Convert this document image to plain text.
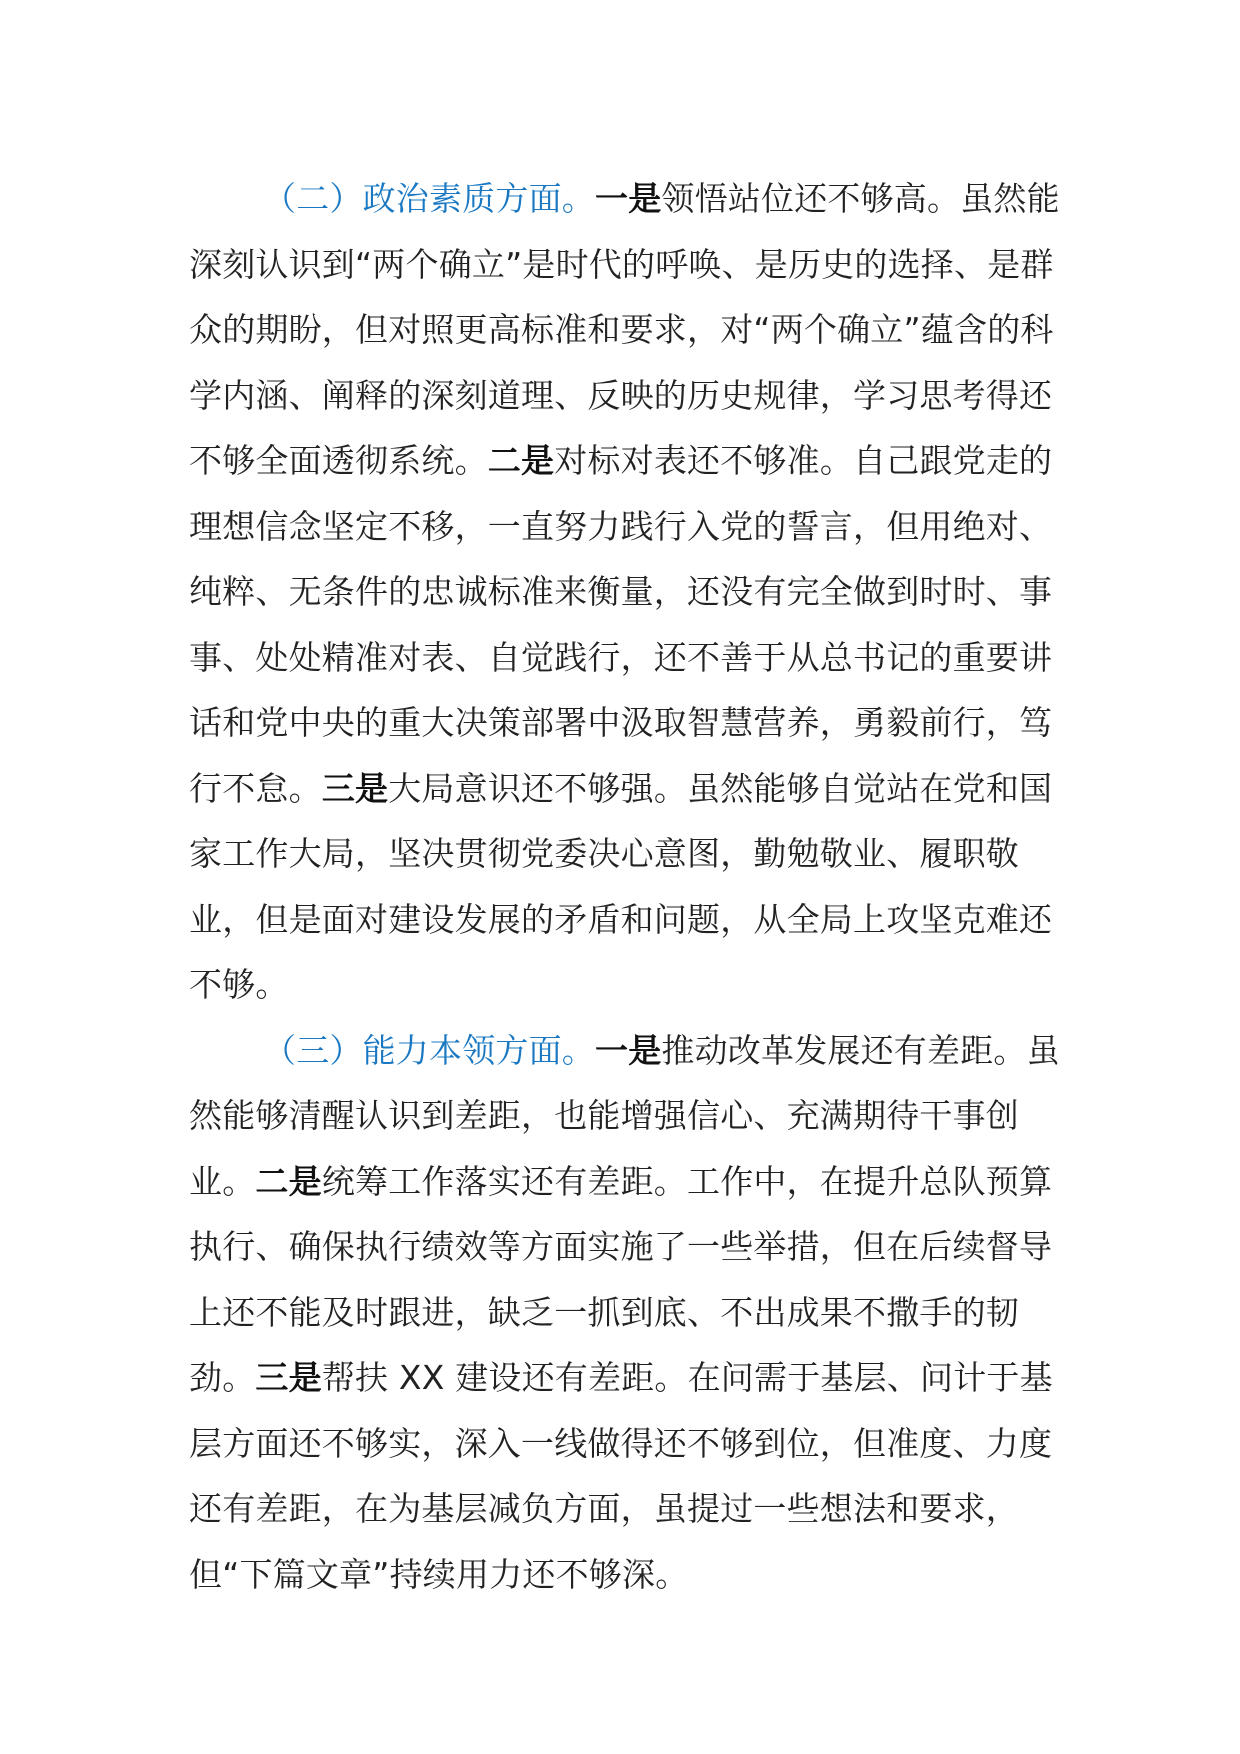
（二）政治素质方面。一是领悟站位还不够高。虽然能深刻认识到“两个确立”是时代的呼唤、是历史的选择、是群众的期盼，但对照更高标准和要求，对“两个确立”蕴含的科学内涵、阐释的深刻道理、反映的历史规律，学习思考得还不够全面透彻系统。二是对标对表还不够准。自己跟党走的理想信念坚定不移，一直努力践行入党的誓言，但用绝对、纯粹、无条件的忠诚标准来衡量，还没有完全做到时时、事事、处处精准对表、自觉践行，还不善于从总书记的重要讲话和党中央的重大决策部署中汲取智慧营养，勇毅前行，笃行不怠。三是大局意识还不够强。虽然能够自觉站在党和国家工作大局，坚决贯彻党委决心意图，勤勉敬业、履职敬业，但是面对建设发展的矛盾和问题，从全局上攻坚克难还不够。

（三）能力本领方面。一是推动改革发展还有差距。虽然能够清醒认识到差距，也能增强信心、充满期待干事创业。二是统筹工作落实还有差距。工作中，在提升总队预算执行、确保执行绩效等方面实施了一些举措，但在后续督导上还不能及时跟进，缺乏一抓到底、不出成果不撒手的韧劲。三是帮扶 XX 建设还有差距。在问需于基层、问计于基层方面还不够实，深入一线做得还不够到位，但准度、力度还有差距，在为基层减负方面，虽提过一些想法和要求，但“下篇文章”持续用力还不够深。
